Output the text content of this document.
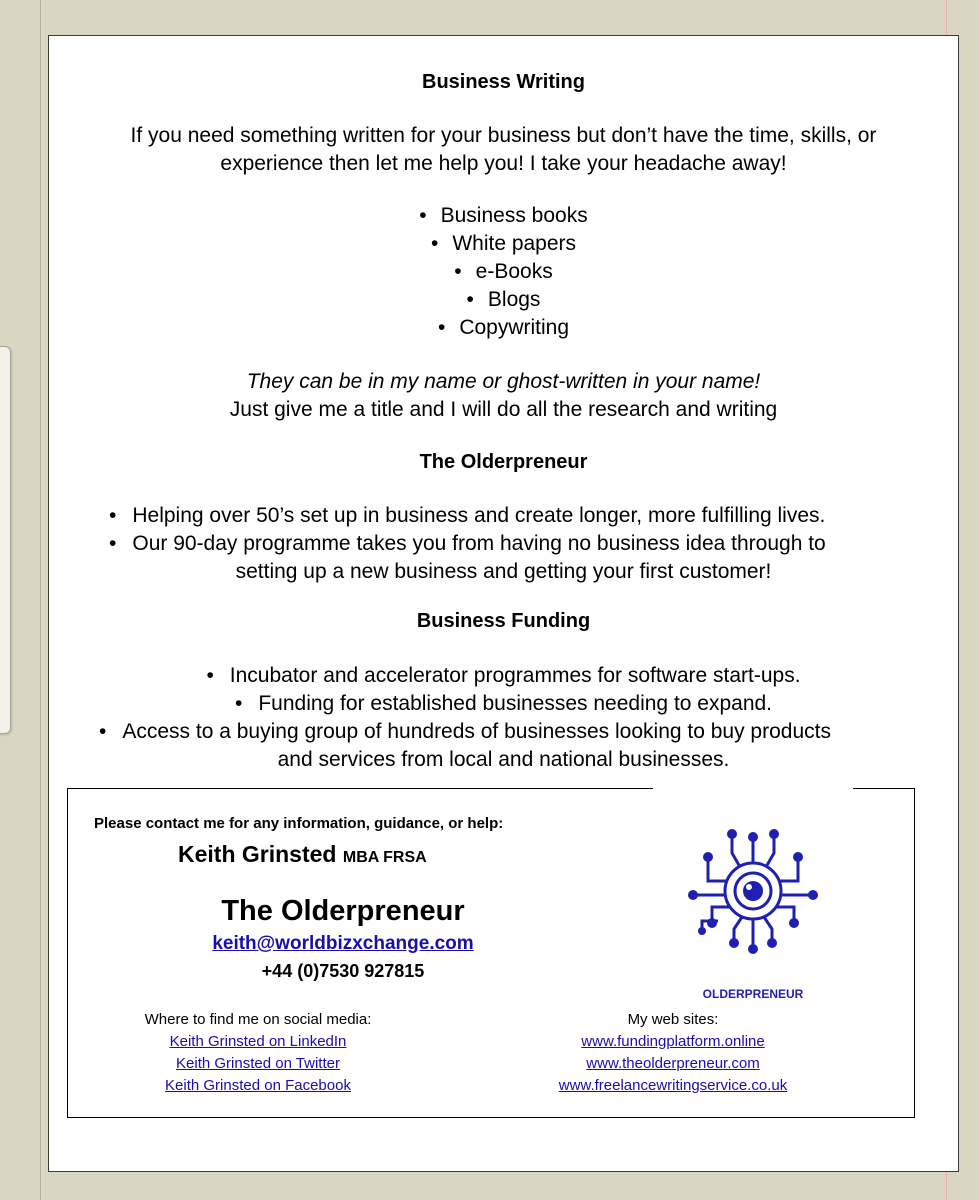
Business Writing
If you need something written for your business but don’t have the time, skills, or
experience then let me help you! I take your headache away!
• Business books
• White papers
• e-Books
• Blogs
• Copywriting
They can be in my name or ghost-written in your name!
Just give me a title and I will do all the research and writing
The Olderpreneur
• Helping over 50’s set up in business and create longer, more fulfilling lives.
• Our 90-day programme takes you from having no business idea through to
setting up a new business and getting your first customer!
Business Funding
• Incubator and accelerator programmes for software start-ups.
• Funding for established businesses needing to expand.
• Access to a buying group of hundreds of businesses looking to buy products
and services from local and national businesses.
Please contact me for any information, guidance, or help:
Keith Grinsted MBA FRSA
The Olderpreneur
keith@worldbizxchange.com
+44 (0)7530 927815
Where to find me on social media:
Keith Grinsted on LinkedIn
Keith Grinsted on Twitter
Keith Grinsted on Facebook
My web sites:
www.fundingplatform.online
www.theolderpreneur.com
www.freelancewritingservice.co.uk
OLDERPRENEUR
